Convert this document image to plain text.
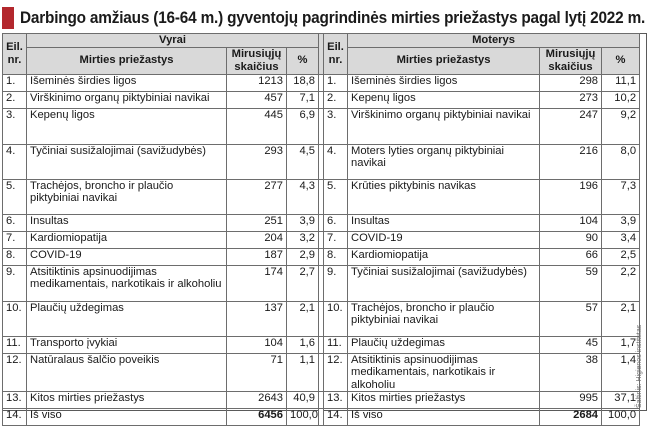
Darbingo amžiaus (16-64 m.) gyventojų pagrindinės mirties priežastys pagal lytį 2022 m.
Eil. nr.	Vyrai				Eil. nr.	Moterys		
	Mirties priežastys	Mirusiųjų skaičius	%			Mirties priežastys	Mirusiųjų skaičius	%
1.	Išeminės širdies ligos	1213	18,8		1.	Išeminės širdies ligos	298	11,1
2.	Virškinimo organų piktybiniai navikai	457	7,1		2.	Kepenų ligos	273	10,2
3.	Kepenų ligos	445	6,9		3.	Virškinimo organų piktybiniai navikai	247	9,2
4.	Tyčiniai susižalojimai (savižudybės)	293	4,5		4.	Moters lyties organų piktybiniai navikai	216	8,0
5.	Trachėjos, broncho ir plaučio piktybiniai navikai	277	4,3		5.	Krūties piktybinis navikas	196	7,3
6.	Insultas	251	3,9		6.	Insultas	104	3,9
7.	Kardiomiopatija	204	3,2		7.	COVID-19	90	3,4
8.	COVID-19	187	2,9		8.	Kardiomiopatija	66	2,5
9.	Atsitiktinis apsinuodijimas medikamentais, narkotikais ir alkoholiu	174	2,7		9.	Tyčiniai susižalojimai (savižudybės)	59	2,2
10.	Plaučių uždegimas	137	2,1		10.	Trachėjos, broncho ir plaučio piktybiniai navikai	57	2,1
11.	Transporto įvykiai	104	1,6		11.	Plaučių uždegimas	45	1,7
12.	Natūralaus šalčio poveikis	71	1,1		12.	Atsitiktinis apsinuodijimas medikamentais, narkotikais ir alkoholiu	38	1,4
13.	Kitos mirties priežastys	2643	40,9		13.	Kitos mirties priežastys	995	37,1
14.	Iš viso	6456	100,0		14.	Iš viso	2684	100,0
Šaltinis: Higienos institutas
